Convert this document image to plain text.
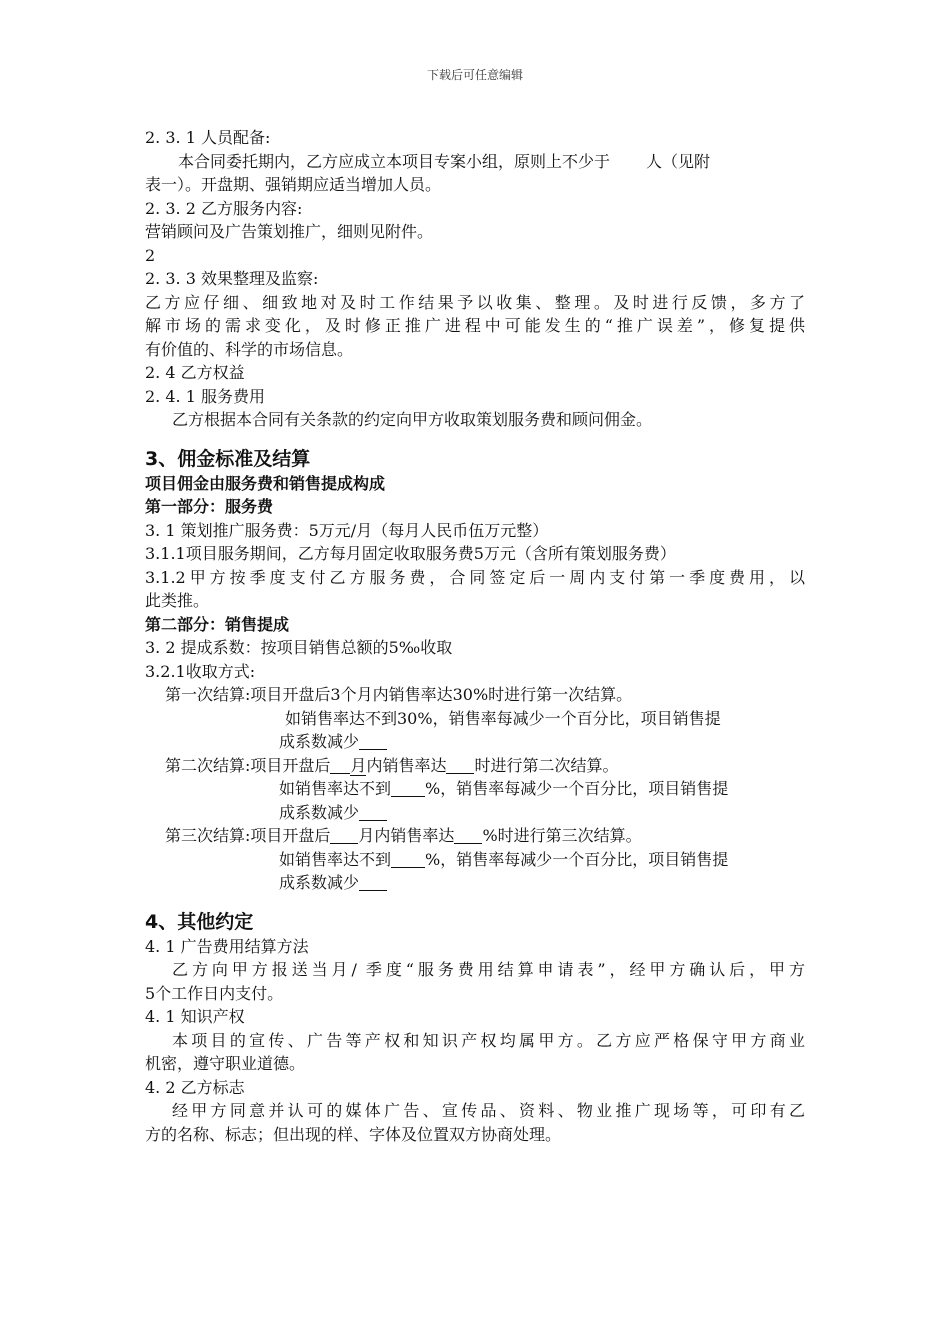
下载后可任意编辑
2. 3. 1 人员配备:
本合同委托期内，乙方应成立本项目专案小组，原则上不少于 人（见附
表一）。开盘期、强销期应适当增加人员。
2. 3. 2 乙方服务内容:
营销顾问及广告策划推广，细则见附件。
2
2. 3. 3 效果整理及监察:
乙方应仔细、细致地对及时工作结果予以收集、整理。及时进行反馈，多方了
解市场的需求变化，及时修正推广进程中可能发生的“推广误差”，修复提供
有价值的、科学的市场信息。
2. 4 乙方权益
2. 4. 1 服务费用
乙方根据本合同有关条款的约定向甲方收取策划服务费和顾问佣金。
3、佣金标准及结算
项目佣金由服务费和销售提成构成
第一部分：服务费
3. 1 策划推广服务费：5万元/月（每月人民币伍万元整）
3.1.1项目服务期间，乙方每月固定收取服务费5万元（含所有策划服务费）
3.1.2甲方按季度支付乙方服务费，合同签定后一周内支付第一季度费用，以
此类推。
第二部分：销售提成
3. 2 提成系数：按项目销售总额的5‰收取
3.2.1收取方式:
第一次结算:项目开盘后3个月内销售率达30%时进行第一次结算。
如销售率达不到30%，销售率每减少一个百分比，项目销售提
成系数减少
第二次结算:项目开盘后 月内销售率达 时进行第二次结算。
如销售率达不到 %，销售率每减少一个百分比，项目销售提
成系数减少
第三次结算:项目开盘后 月内销售率达 %时进行第三次结算。
如销售率达不到 %，销售率每减少一个百分比，项目销售提
成系数减少
4、其他约定
4. 1 广告费用结算方法
乙方向甲方报送当月/ 季度“服务费用结算申请表”，经甲方确认后，甲方
5个工作日内支付。
4. 1 知识产权
本项目的宣传、广告等产权和知识产权均属甲方。乙方应严格保守甲方商业
机密，遵守职业道德。
4. 2 乙方标志
经甲方同意并认可的媒体广告、宣传品、资料、物业推广现场等，可印有乙
方的名称、标志；但出现的样、字体及位置双方协商处理。
